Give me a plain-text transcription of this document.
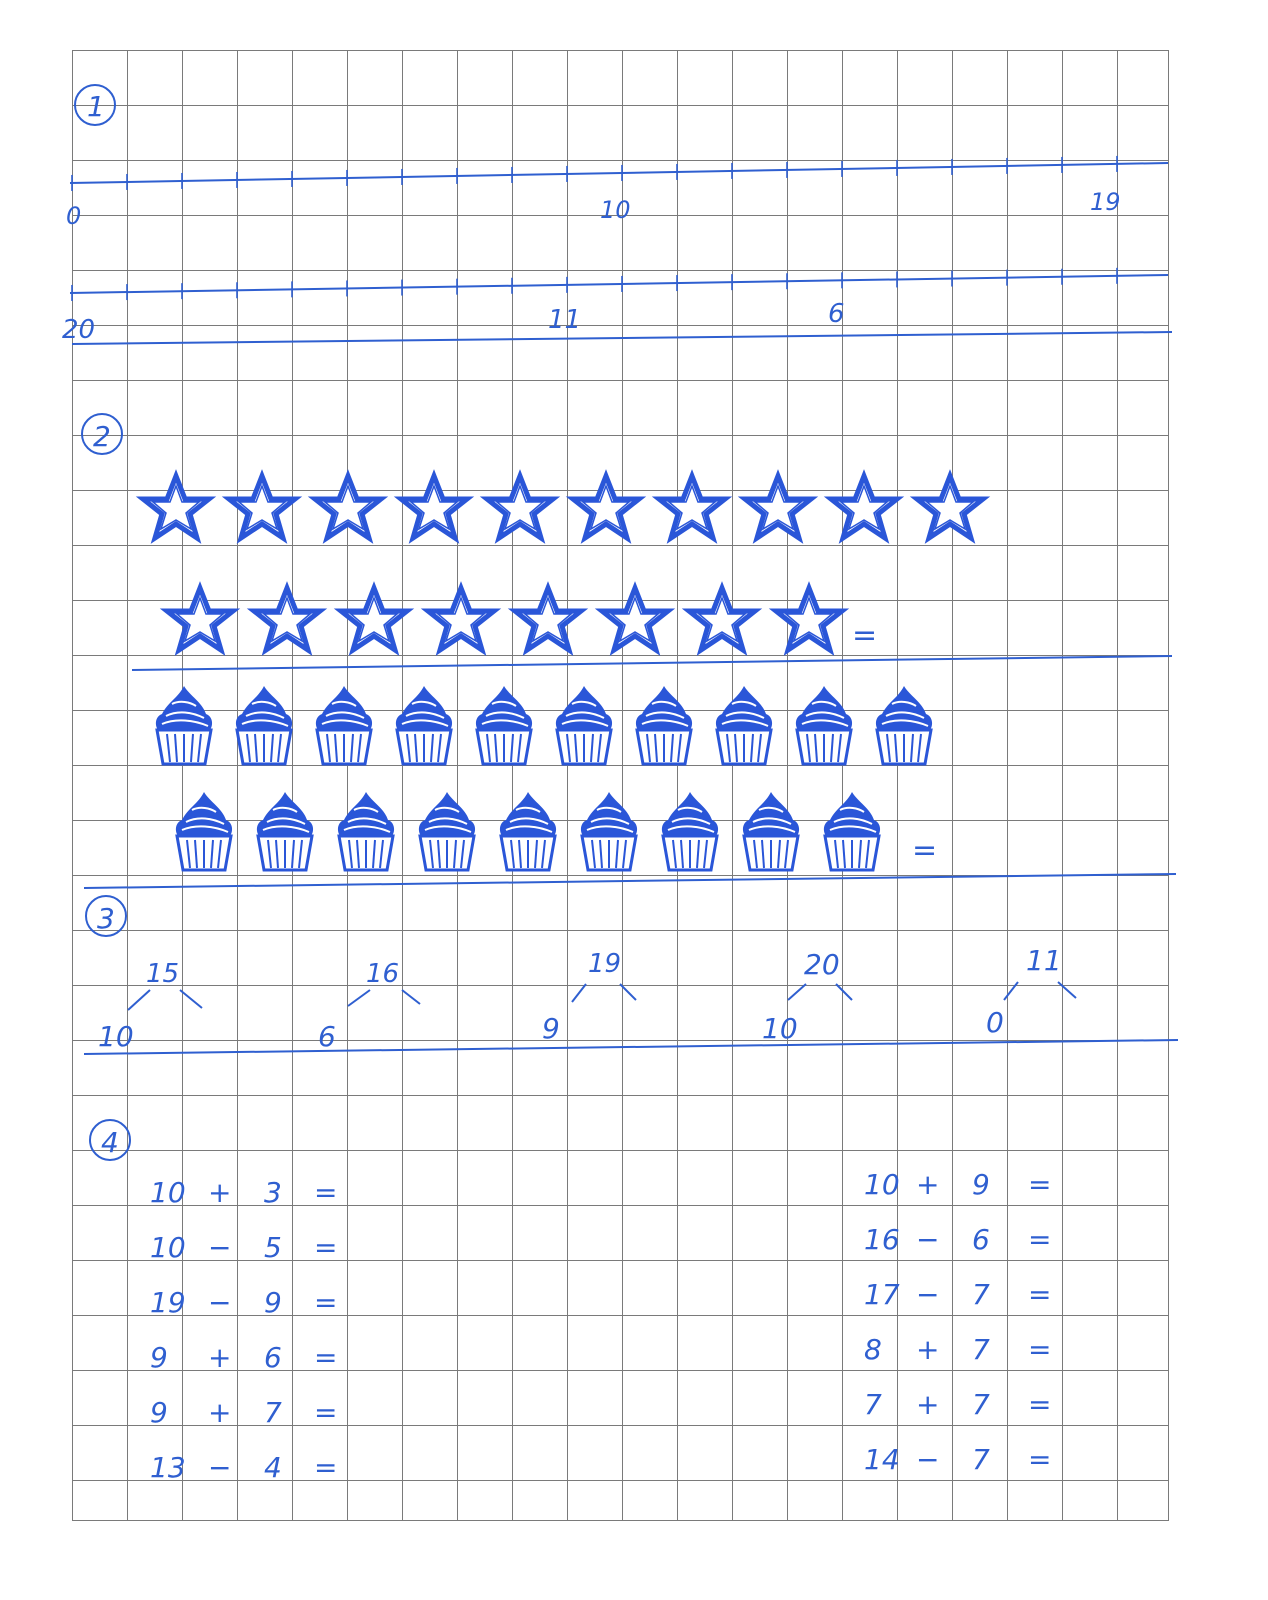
1
0	10	19
20	11	6
2
=
=
3
15
10
16
6
19
9
20
10
11
0
4
10 + 3 =
10 − 5 =
19 − 9 =
9 + 6 =
9 + 7 =
13 − 4 =
10 + 9 =
16 − 6 =
17 − 7 =
8 + 7 =
7 + 7 =
14 − 7 =
